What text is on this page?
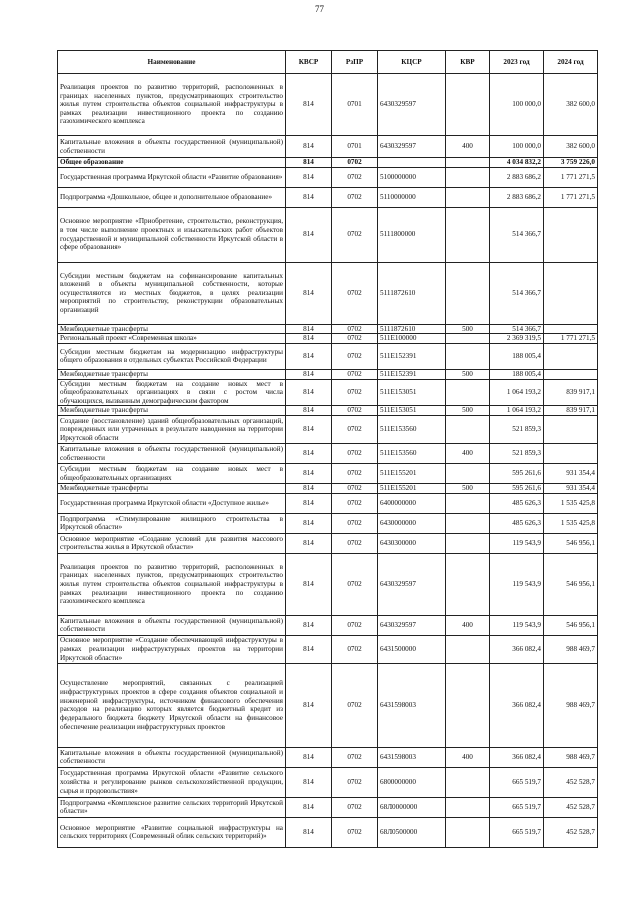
77
Наименование	КВСР	РзПР	КЦСР	КВР	2023 год	2024 год
Реализация проектов по развитию территорий, расположенных в границах населенных пунктов, предусматривающих строительство жилья путем строительства объектов социальной инфраструктуры в рамках реализации инвестиционного проекта по созданию газохимического комплекса	814	0701	6430329597		100 000,0	382 600,0
Капитальные вложения в объекты государственной (муниципальной) собственности	814	0701	6430329597	400	100 000,0	382 600,0
Общее образование	814	0702			4 034 832,2	3 759 226,0
Государственная программа Иркутской области «Развитие образования»	814	0702	5100000000		2 883 686,2	1 771 271,5
Подпрограмма «Дошкольное, общее и дополнительное образование»	814	0702	5110000000		2 883 686,2	1 771 271,5
Основное мероприятие «Приобретение, строительство, реконструкция, в том числе выполнение проектных и изыскательских работ объектов государственной и муниципальной собственности Иркутской области в сфере образования»	814	0702	5111800000		514 366,7	
Субсидии местным бюджетам на софинансирование капитальных вложений в объекты муниципальной собственности, которые осуществляются из местных бюджетов, в целях реализации мероприятий по строительству, реконструкции образовательных организаций	814	0702	5111872610		514 366,7	
Межбюджетные трансферты	814	0702	5111872610	500	514 366,7	
Региональный проект «Современная школа»	814	0702	511E100000		2 369 319,5	1 771 271,5
Субсидии местным бюджетам на модернизацию инфраструктуры общего образования в отдельных субъектах Российской Федерации	814	0702	511E152391		188 005,4	
Межбюджетные трансферты	814	0702	511E152391	500	188 005,4	
Субсидии местным бюджетам на создание новых мест в общеобразовательных организациях в связи с ростом числа обучающихся, вызванным демографическим фактором	814	0702	511E153051		1 064 193,2	839 917,1
Межбюджетные трансферты	814	0702	511E153051	500	1 064 193,2	839 917,1
Создание (восстановление) зданий общеобразовательных организаций, поврежденных или утраченных в результате наводнения на территории Иркутской области	814	0702	511E153560		521 859,3	
Капитальные вложения в объекты государственной (муниципальной) собственности	814	0702	511E153560	400	521 859,3	
Субсидии местным бюджетам на создание новых мест в общеобразовательных организациях	814	0702	511E155201		595 261,6	931 354,4
Межбюджетные трансферты	814	0702	511E155201	500	595 261,6	931 354,4
Государственная программа Иркутской области «Доступное жилье»	814	0702	6400000000		485 626,3	1 535 425,8
Подпрограмма «Стимулирование жилищного строительства в Иркутской области»	814	0702	6430000000		485 626,3	1 535 425,8
Основное мероприятие «Создание условий для развития массового строительства жилья в Иркутской области»	814	0702	6430300000		119 543,9	546 956,1
Реализация проектов по развитию территорий, расположенных в границах населенных пунктов, предусматривающих строительство жилья путем строительства объектов социальной инфраструктуры в рамках реализации инвестиционного проекта по созданию газохимического комплекса	814	0702	6430329597		119 543,9	546 956,1
Капитальные вложения в объекты государственной (муниципальной) собственности	814	0702	6430329597	400	119 543,9	546 956,1
Основное мероприятие «Создание обеспечивающей инфраструктуры в рамках реализации инфраструктурных проектов на территории Иркутской области»	814	0702	6431500000		366 082,4	988 469,7
Осуществление мероприятий, связанных с реализацией инфраструктурных проектов в сфере создания объектов социальной и инженерной инфраструктуры, источником финансового обеспечения расходов на реализацию которых является бюджетный кредит из федерального бюджета бюджету Иркутской области на финансовое обеспечение реализации инфраструктурных проектов	814	0702	6431598003		366 082,4	988 469,7
Капитальные вложения в объекты государственной (муниципальной) собственности	814	0702	6431598003	400	366 082,4	988 469,7
Государственная программа Иркутской области «Развитие сельского хозяйства и регулирование рынков сельскохозяйственной продукции, сырья и продовольствия»	814	0702	6800000000		665 519,7	452 528,7
Подпрограмма «Комплексное развитие сельских территорий Иркутской области»	814	0702	68Л0000000		665 519,7	452 528,7
Основное мероприятие «Развитие социальной инфраструктуры на сельских территориях (Современный облик сельских территорий)»	814	0702	68Л0500000		665 519,7	452 528,7
